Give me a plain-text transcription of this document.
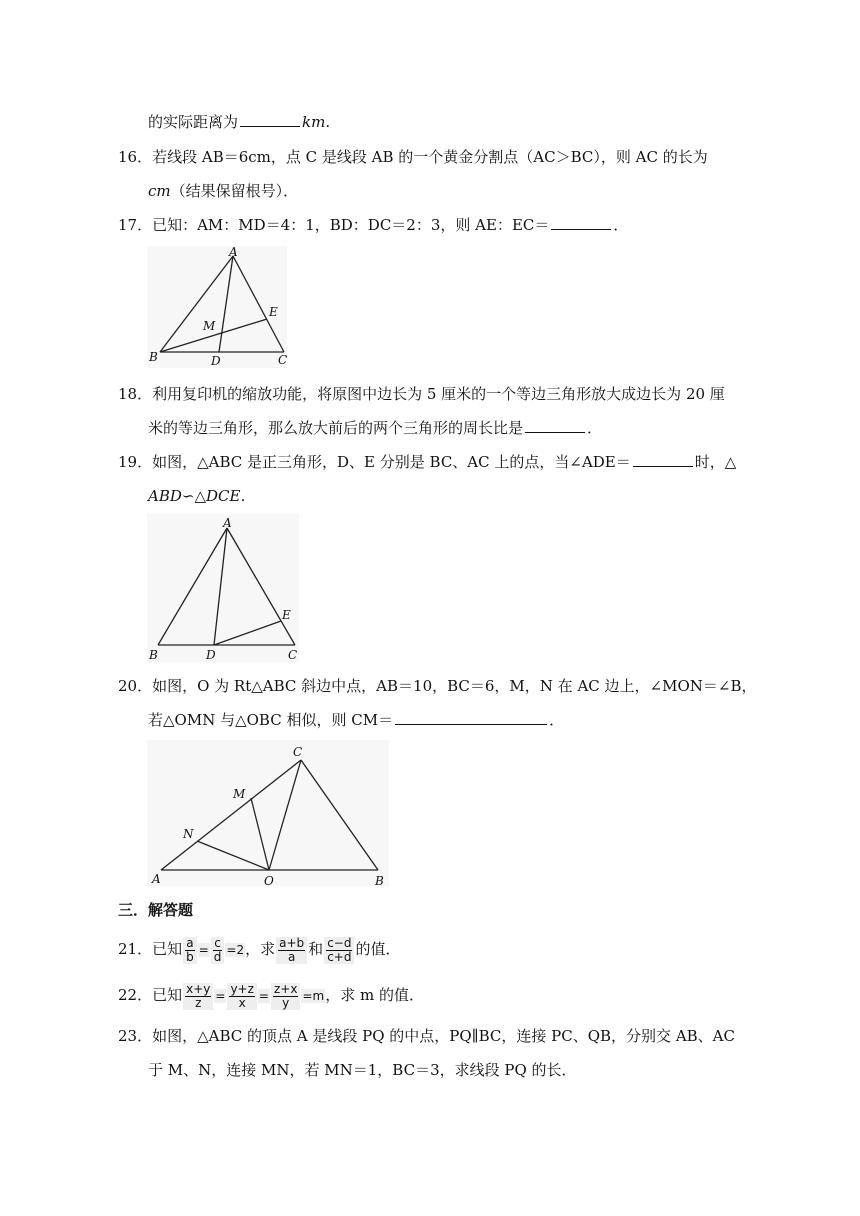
的实际距离为	km.
16．若线段 AB＝6cm，点 C 是线段 AB 的一个黄金分割点（AC＞BC），则 AC 的长为
cm（结果保留根号）．
17．已知：AM：MD＝4：1，BD：DC＝2：3，则 AE：EC＝	．
A
B	C
D
E
M
18．利用复印机的缩放功能，将原图中边长为 5 厘米的一个等边三角形放大成边长为 20 厘
米的等边三角形，那么放大前后的两个三角形的周长比是	．
19．如图，△ABC 是正三角形，D、E 分别是 BC、AC 上的点，当∠ADE＝	时，△
ABD∽△DCE．
A
B	C
D
E
20．如图，O 为 Rt△ABC 斜边中点，AB＝10，BC＝6，M，N 在 AC 边上，∠MON＝∠B，
若△OMN 与△OBC 相似，则 CM＝	．
C
M
N
A	O	B
三．解答题
21．已知 $\frac{a}{b} = \frac{c}{d} =2$，求 $\frac{a+b}{a}$ 和 $\frac{c-d}{c+d}$ 的值．
22．已知 $\frac{x+y}{z} = \frac{y+z}{x} = \frac{z+x}{y} =m$，求 m 的值．
23．如图，△ABC 的顶点 A 是线段 PQ 的中点，PQ∥BC，连接 PC、QB，分别交 AB、AC
于 M、N，连接 MN，若 MN＝1，BC＝3，求线段 PQ 的长．
